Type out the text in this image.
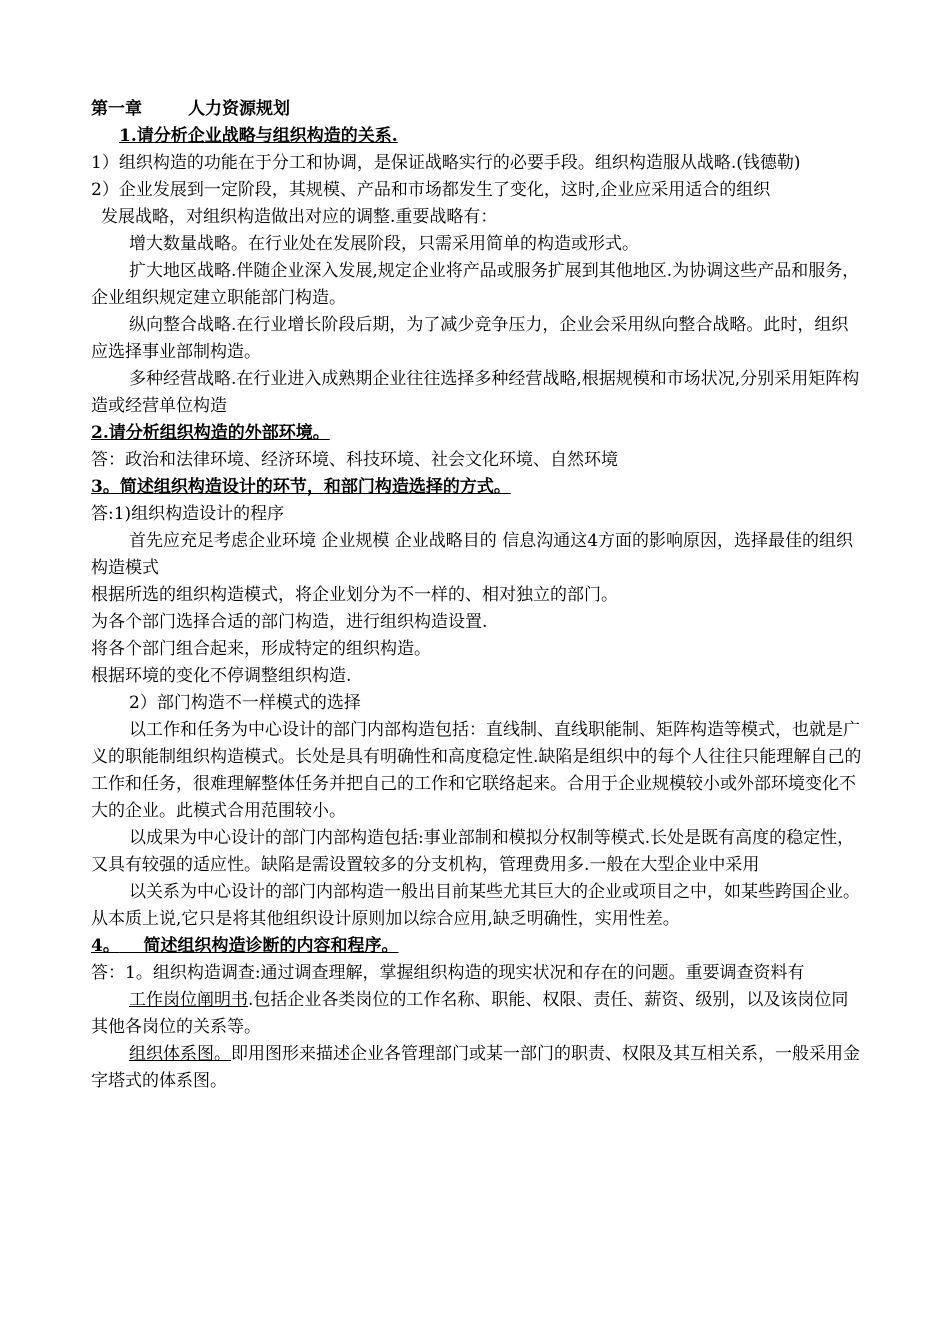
第一章	人力资源规划

1.请分析企业战略与组织构造的关系.

1）组织构造的功能在于分工和协调，是保证战略实行的必要手段。组织构造服从战略.(钱德勒)

2）企业发展到一定阶段，其规模、产品和市场都发生了变化，这时,企业应采用适合的组织

发展战略，对组织构造做出对应的调整.重要战略有：

增大数量战略。在行业处在发展阶段，只需采用简单的构造或形式。

扩大地区战略.伴随企业深入发展,规定企业将产品或服务扩展到其他地区.为协调这些产品和服务，企业组织规定建立职能部门构造。

纵向整合战略.在行业增长阶段后期，为了减少竞争压力，企业会采用纵向整合战略。此时，组织应选择事业部制构造。

多种经营战略.在行业进入成熟期企业往往选择多种经营战略,根据规模和市场状况,分别采用矩阵构造或经营单位构造

2.请分析组织构造的外部环境。

答：政治和法律环境、经济环境、科技环境、社会文化环境、自然环境

3。简述组织构造设计的环节，和部门构造选择的方式。

答:1)组织构造设计的程序

首先应充足考虑企业环境 企业规模 企业战略目的 信息沟通这4方面的影响原因，选择最佳的组织构造模式

根据所选的组织构造模式，将企业划分为不一样的、相对独立的部门。

为各个部门选择合适的部门构造，进行组织构造设置.

将各个部门组合起来，形成特定的组织构造。

根据环境的变化不停调整组织构造.

2）部门构造不一样模式的选择

以工作和任务为中心设计的部门内部构造包括：直线制、直线职能制、矩阵构造等模式，也就是广义的职能制组织构造模式。长处是具有明确性和高度稳定性.缺陷是组织中的每个人往往只能理解自己的工作和任务，很难理解整体任务并把自己的工作和它联络起来。合用于企业规模较小或外部环境变化不大的企业。此模式合用范围较小。

以成果为中心设计的部门内部构造包括:事业部制和模拟分权制等模式.长处是既有高度的稳定性，又具有较强的适应性。缺陷是需设置较多的分支机构，管理费用多.一般在大型企业中采用

以关系为中心设计的部门内部构造一般出目前某些尤其巨大的企业或项目之中，如某些跨国企业。从本质上说,它只是将其他组织设计原则加以综合应用,缺乏明确性，实用性差。

4。 简述组织构造诊断的内容和程序。

答：1。组织构造调查:通过调查理解，掌握组织构造的现实状况和存在的问题。重要调查资料有

工作岗位阐明书.包括企业各类岗位的工作名称、职能、权限、责任、薪资、级别，以及该岗位同其他各岗位的关系等。

组织体系图。即用图形来描述企业各管理部门或某一部门的职责、权限及其互相关系，一般采用金字塔式的体系图。
